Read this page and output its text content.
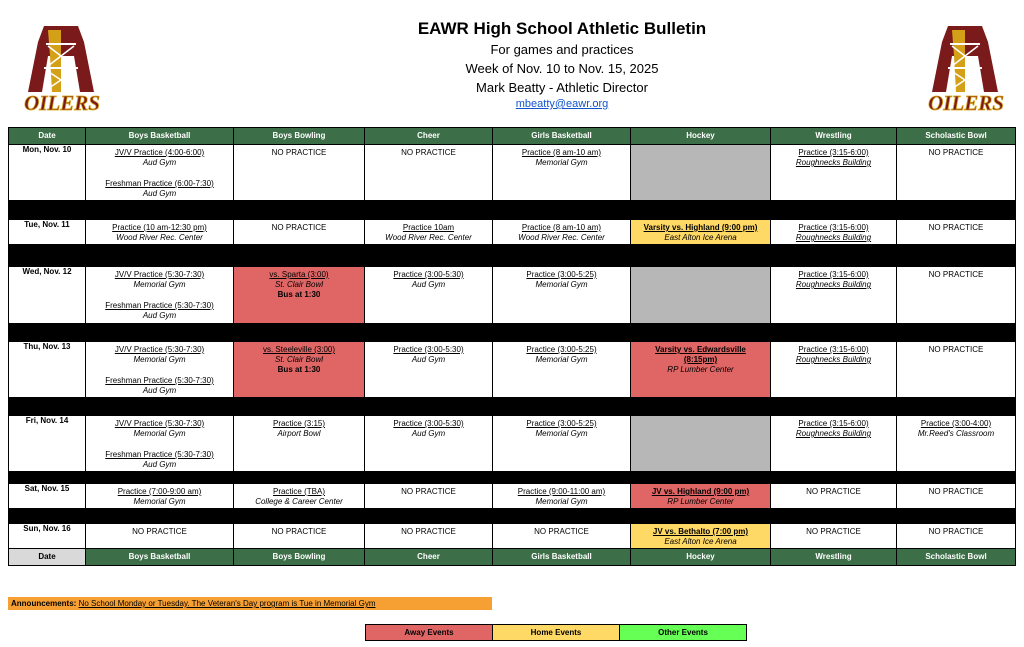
OILERS	OILERS
EAWR High School Athletic Bulletin
For games and practices
Week of Nov. 10 to Nov. 15, 2025
Mark Beatty - Athletic Director
mbeatty@eawr.org
Date	Boys Basketball	Boys Bowling	Cheer	Girls Basketball	Hockey	Wrestling	Scholastic Bowl
Mon, Nov. 10	JV/V Practice (4:00-6:00)
Aud Gym
Freshman Practice (6:00-7:30)
Aud Gym	NO PRACTICE	NO PRACTICE	Practice (8 am-10 am)
Memorial Gym		Practice (3:15-6:00)
Roughnecks Building	NO PRACTICE

Tue, Nov. 11	Practice (10 am-12:30 pm)
Wood River Rec. Center	NO PRACTICE	Practice 10am
Wood River Rec. Center	Practice (8 am-10 am)
Wood River Rec. Center	Varsity vs. Highland (9:00 pm)
East Alton Ice Arena	Practice (3:15-6:00)
Roughnecks Building	NO PRACTICE

Wed, Nov. 12	JV/V Practice (5:30-7:30)
Memorial Gym
Freshman Practice (5:30-7:30)
Aud Gym	vs. Sparta (3:00)
St. Clair Bowl
Bus at 1:30	Practice (3:00-5:30)
Aud Gym	Practice (3:00-5:25)
Memorial Gym		Practice (3:15-6:00)
Roughnecks Building	NO PRACTICE

Thu, Nov. 13	JV/V Practice (5:30-7:30)
Memorial Gym
Freshman Practice (5:30-7:30)
Aud Gym	vs. Steeleville (3:00)
St. Clair Bowl
Bus at 1:30	Practice (3:00-5:30)
Aud Gym	Practice (3:00-5:25)
Memorial Gym	Varsity vs. Edwardsville
(8:15pm)
RP Lumber Center	Practice (3:15-6:00)
Roughnecks Building	NO PRACTICE

Fri, Nov. 14	JV/V Practice (5:30-7:30)
Memorial Gym
Freshman Practice (5:30-7:30)
Aud Gym	Practice (3:15)
Airport Bowl	Practice (3:00-5:30)
Aud Gym	Practice (3:00-5:25)
Memorial Gym		Practice (3:15-6:00)
Roughnecks Building	Practice (3:00-4:00)
Mr.Reed's Classroom

Sat, Nov. 15	Practice (7:00-9:00 am)
Memorial Gym	Practice (TBA)
College & Career Center	NO PRACTICE	Practice (9:00-11:00 am)
Memorial Gym	JV vs. Highland (9:00 pm)
RP Lumber Center	NO PRACTICE	NO PRACTICE

Sun, Nov. 16	NO PRACTICE	NO PRACTICE	NO PRACTICE	NO PRACTICE	JV vs. Bethalto (7:00 pm)
East Alton Ice Arena	NO PRACTICE	NO PRACTICE

Date	Boys Basketball	Boys Bowling	Cheer	Girls Basketball	Hockey	Wrestling	Scholastic Bowl
Announcements: No School Monday or Tuesday. The Veteran's Day program is Tue in Memorial Gym
Away Events	Home Events	Other Events
